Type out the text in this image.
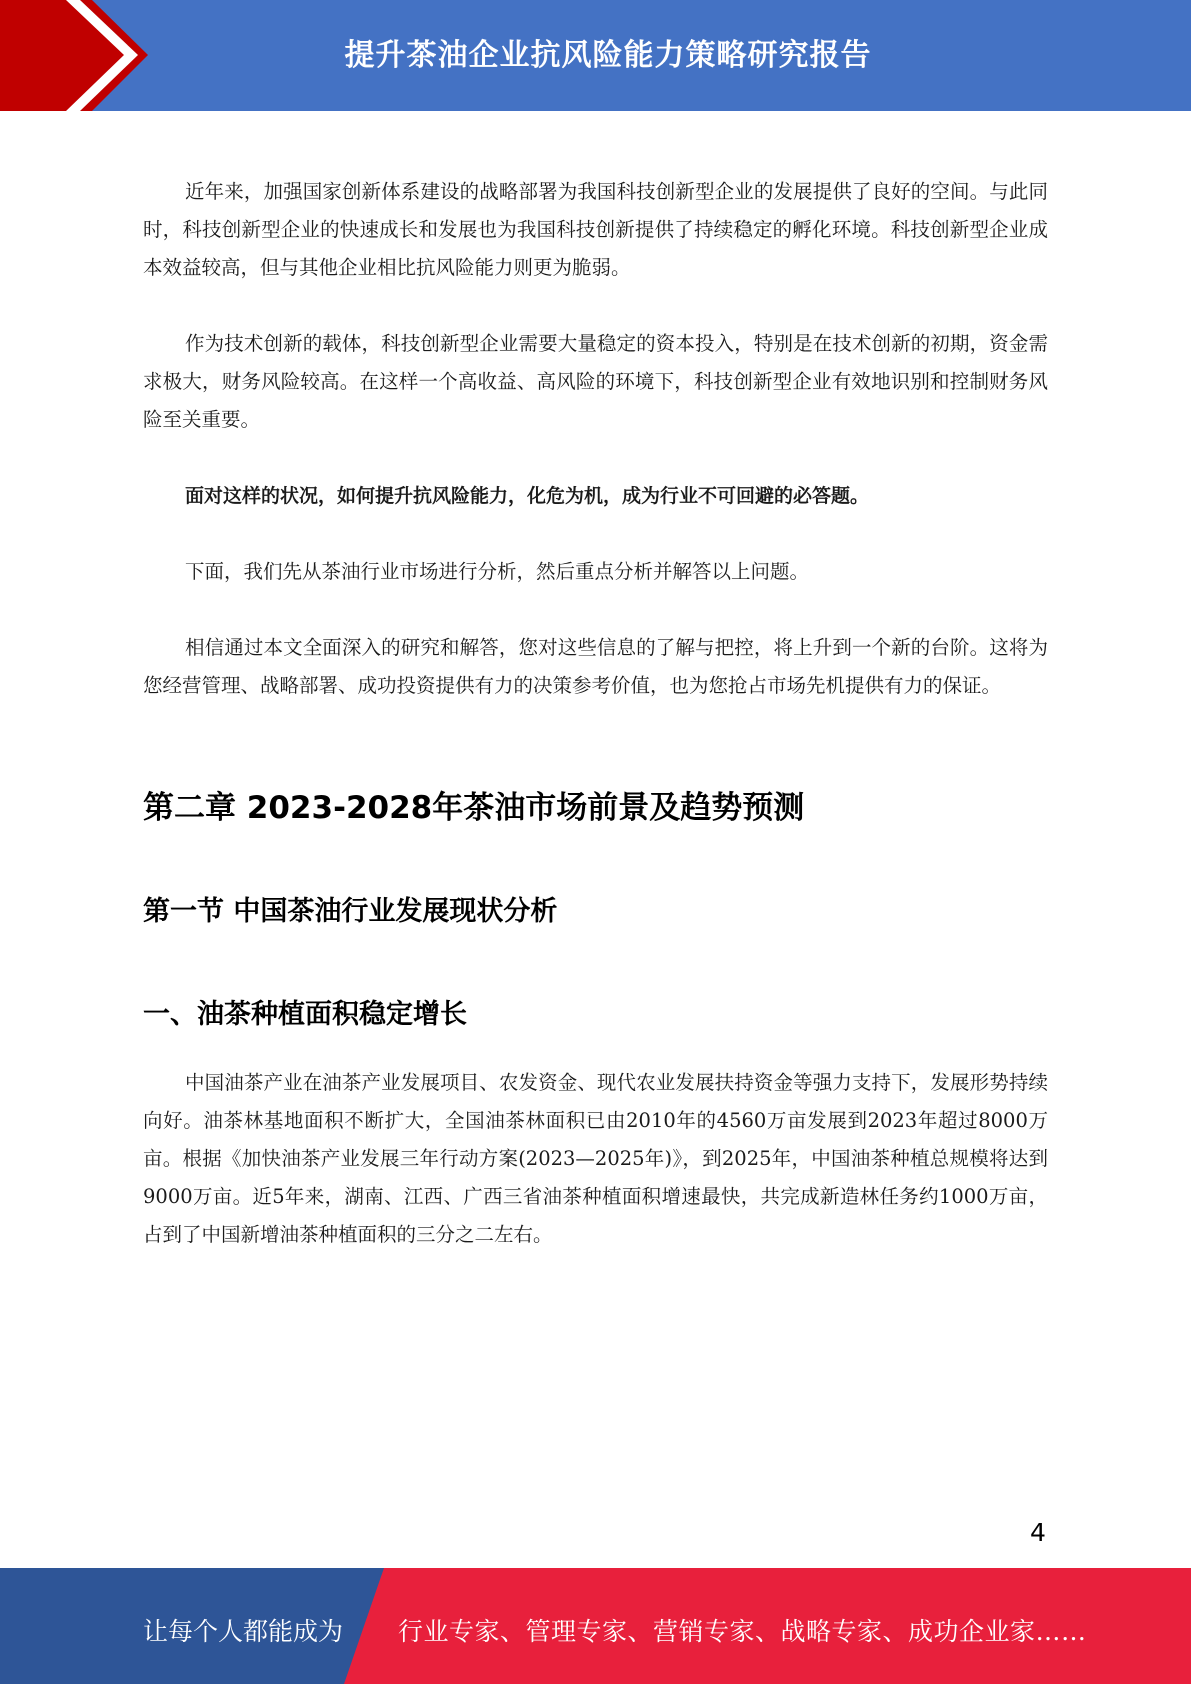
提升茶油企业抗风险能力策略研究报告

近年来，加强国家创新体系建设的战略部署为我国科技创新型企业的发展提供了良好的空间。与此同时，科技创新型企业的快速成长和发展也为我国科技创新提供了持续稳定的孵化环境。科技创新型企业成本效益较高，但与其他企业相比抗风险能力则更为脆弱。

作为技术创新的载体，科技创新型企业需要大量稳定的资本投入，特别是在技术创新的初期，资金需求极大，财务风险较高。在这样一个高收益、高风险的环境下，科技创新型企业有效地识别和控制财务风险至关重要。

面对这样的状况，如何提升抗风险能力，化危为机，成为行业不可回避的必答题。

下面，我们先从茶油行业市场进行分析，然后重点分析并解答以上问题。

相信通过本文全面深入的研究和解答，您对这些信息的了解与把控，将上升到一个新的台阶。这将为您经营管理、战略部署、成功投资提供有力的决策参考价值，也为您抢占市场先机提供有力的保证。

第二章 2023-2028年茶油市场前景及趋势预测
第一节 中国茶油行业发展现状分析
一、油茶种植面积稳定增长

中国油茶产业在油茶产业发展项目、农发资金、现代农业发展扶持资金等强力支持下，发展形势持续向好。油茶林基地面积不断扩大，全国油茶林面积已由2010年的4560万亩发展到2023年超过8000万亩。根据《加快油茶产业发展三年行动方案(2023—2025年)》，到2025年，中国油茶种植总规模将达到9000万亩。近5年来，湖南、江西、广西三省油茶种植面积增速最快，共完成新造林任务约1000万亩，占到了中国新增油茶种植面积的三分之二左右。

4
让每个人都能成为 行业专家、管理专家、营销专家、战略专家、成功企业家……
